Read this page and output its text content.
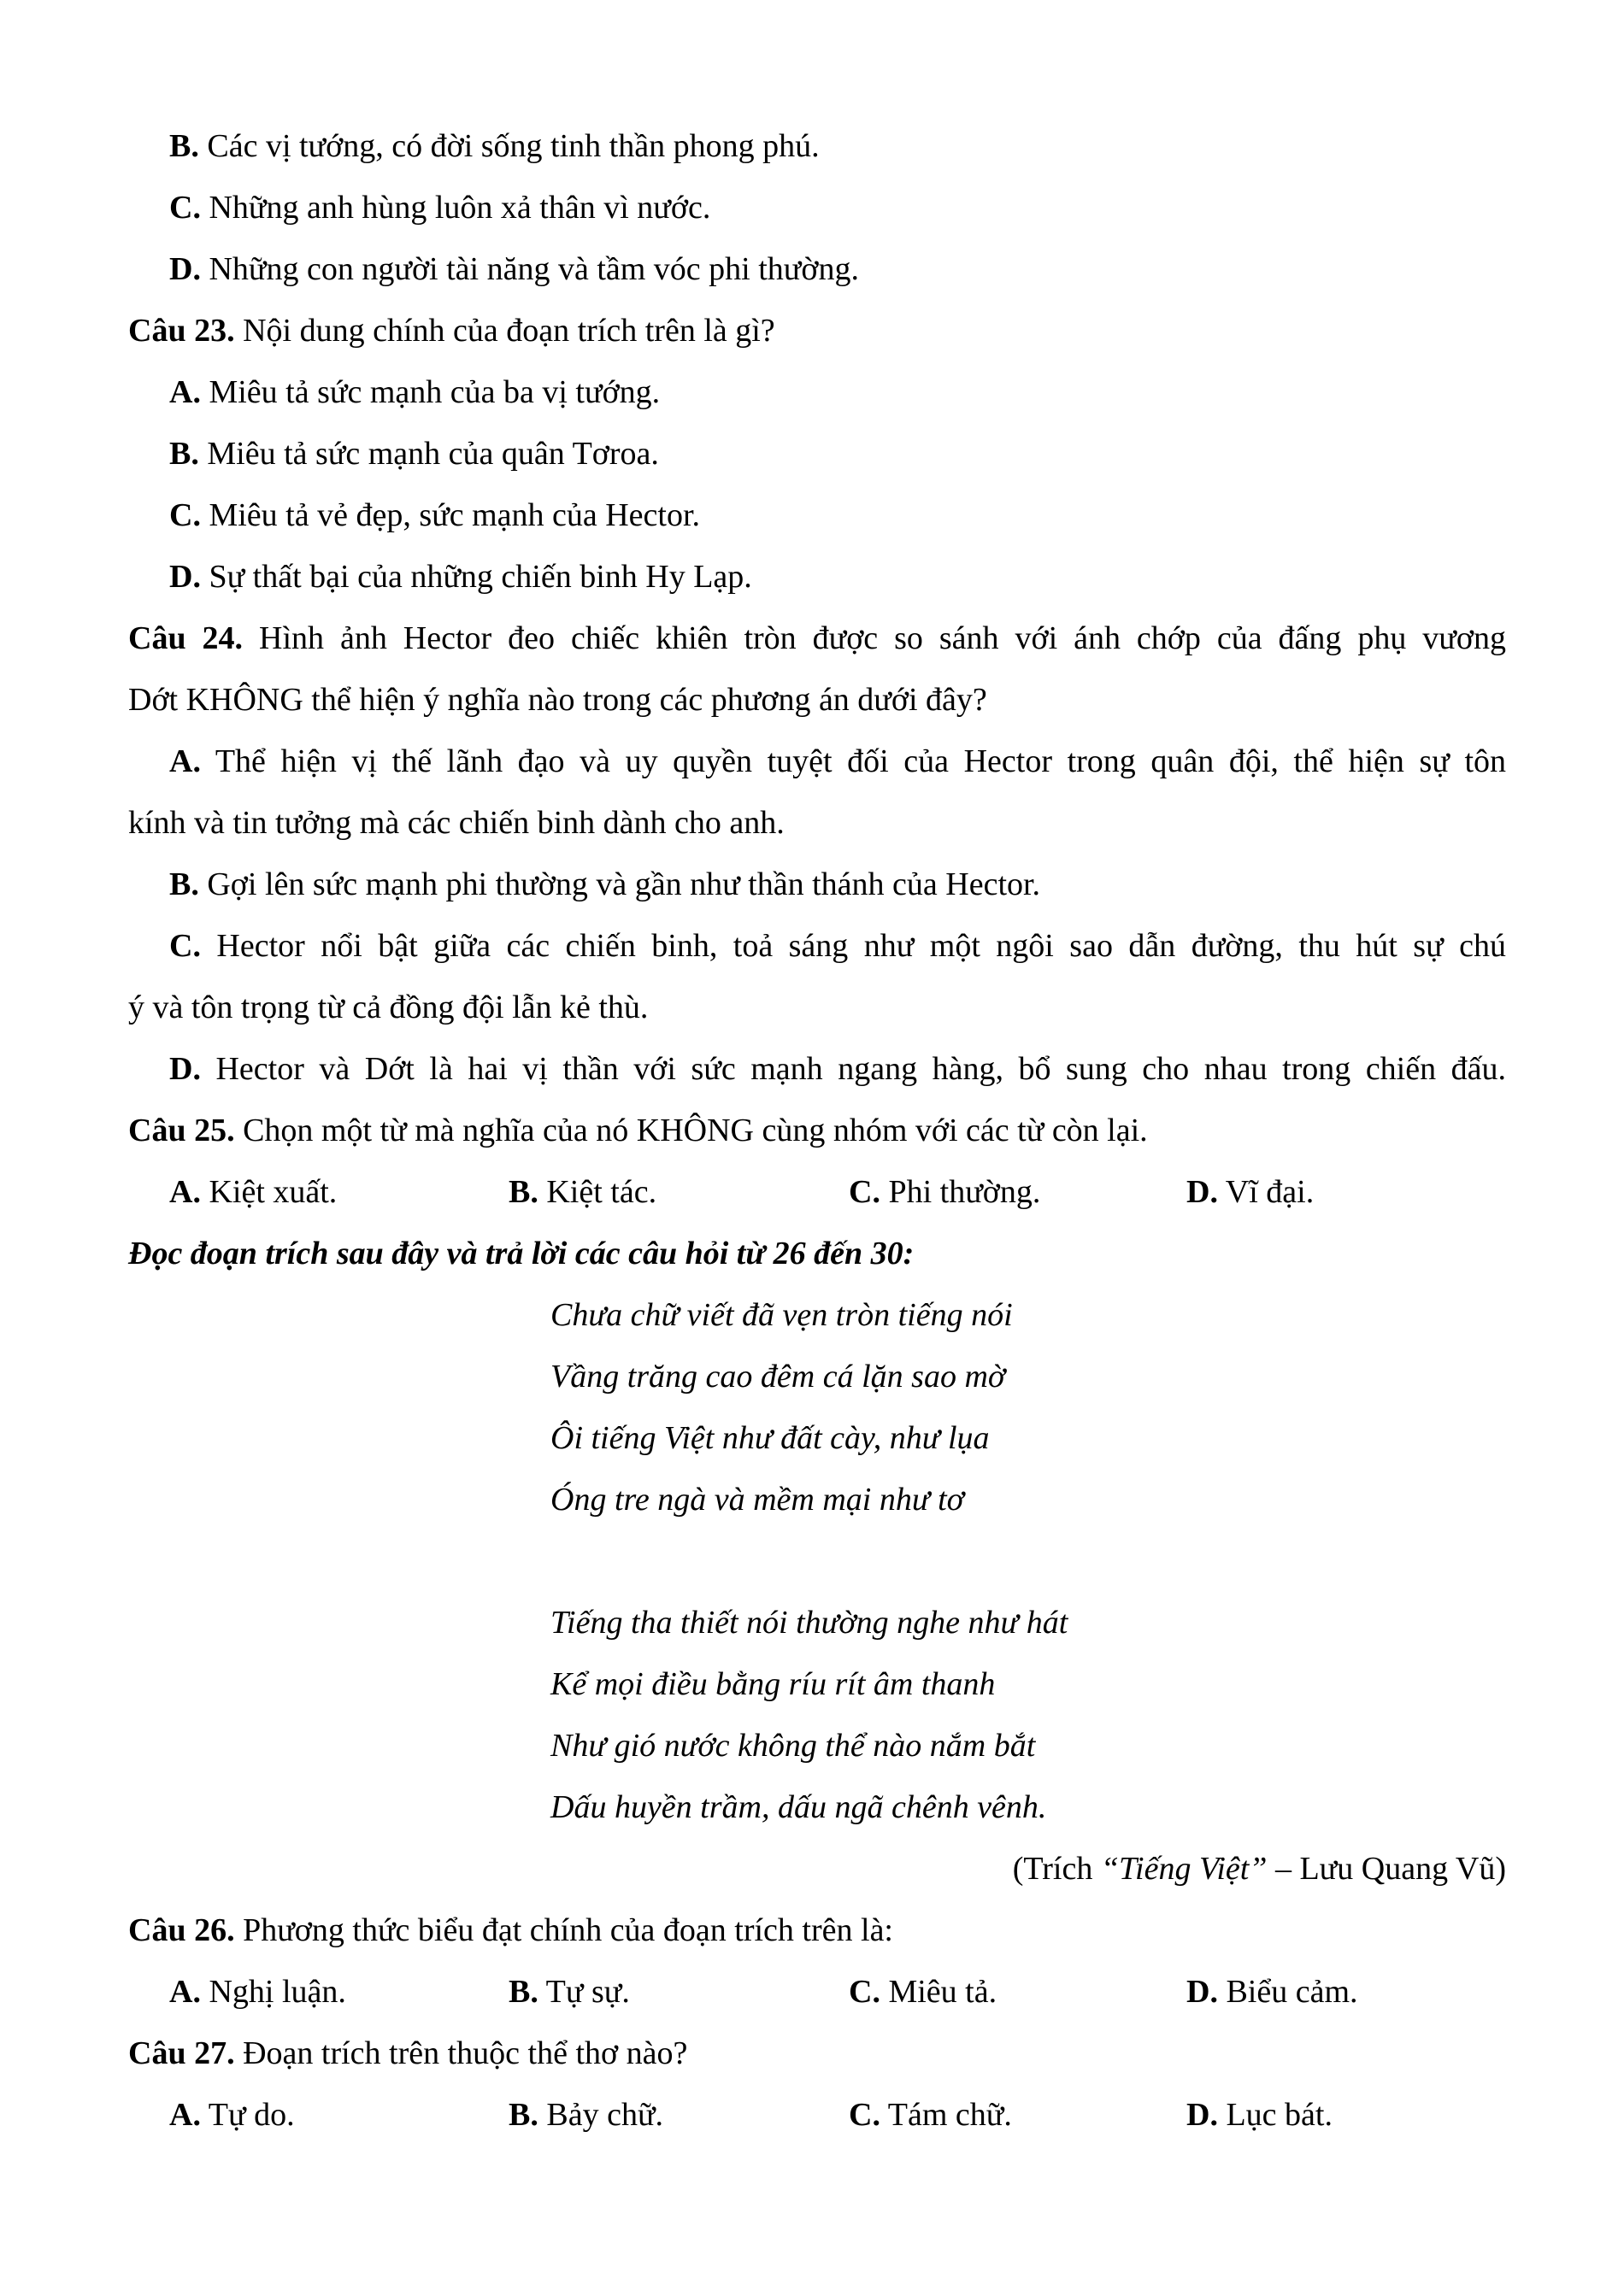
B. Các vị tướng, có đời sống tinh thần phong phú.
C. Những anh hùng luôn xả thân vì nước.
D. Những con người tài năng và tầm vóc phi thường.
Câu 23. Nội dung chính của đoạn trích trên là gì?
A. Miêu tả sức mạnh của ba vị tướng.
B. Miêu tả sức mạnh của quân Tơroa.
C. Miêu tả vẻ đẹp, sức mạnh của Hector.
D. Sự thất bại của những chiến binh Hy Lạp.
Câu 24. Hình ảnh Hector đeo chiếc khiên tròn được so sánh với ánh chớp của đấng phụ vương
Dớt KHÔNG thể hiện ý nghĩa nào trong các phương án dưới đây?
A. Thể hiện vị thế lãnh đạo và uy quyền tuyệt đối của Hector trong quân đội, thể hiện sự tôn
kính và tin tưởng mà các chiến binh dành cho anh.
B. Gợi lên sức mạnh phi thường và gần như thần thánh của Hector.
C. Hector nổi bật giữa các chiến binh, toả sáng như một ngôi sao dẫn đường, thu hút sự chú
ý và tôn trọng từ cả đồng đội lẫn kẻ thù.
D. Hector và Dớt là hai vị thần với sức mạnh ngang hàng, bổ sung cho nhau trong chiến đấu.
Câu 25. Chọn một từ mà nghĩa của nó KHÔNG cùng nhóm với các từ còn lại.
A. Kiệt xuất.	B. Kiệt tác.	C. Phi thường.	D. Vĩ đại.
Đọc đoạn trích sau đây và trả lời các câu hỏi từ 26 đến 30:
Chưa chữ viết đã vẹn tròn tiếng nói
Vầng trăng cao đêm cá lặn sao mờ
Ôi tiếng Việt như đất cày, như lụa
Óng tre ngà và mềm mại như tơ
Tiếng tha thiết nói thường nghe như hát
Kể mọi điều bằng ríu rít âm thanh
Như gió nước không thể nào nắm bắt
Dấu huyền trầm, dấu ngã chênh vênh.
(Trích “Tiếng Việt” – Lưu Quang Vũ)
Câu 26. Phương thức biểu đạt chính của đoạn trích trên là:
A. Nghị luận.	B. Tự sự.	C. Miêu tả.	D. Biểu cảm.
Câu 27. Đoạn trích trên thuộc thể thơ nào?
A. Tự do.	B. Bảy chữ.	C. Tám chữ.	D. Lục bát.
